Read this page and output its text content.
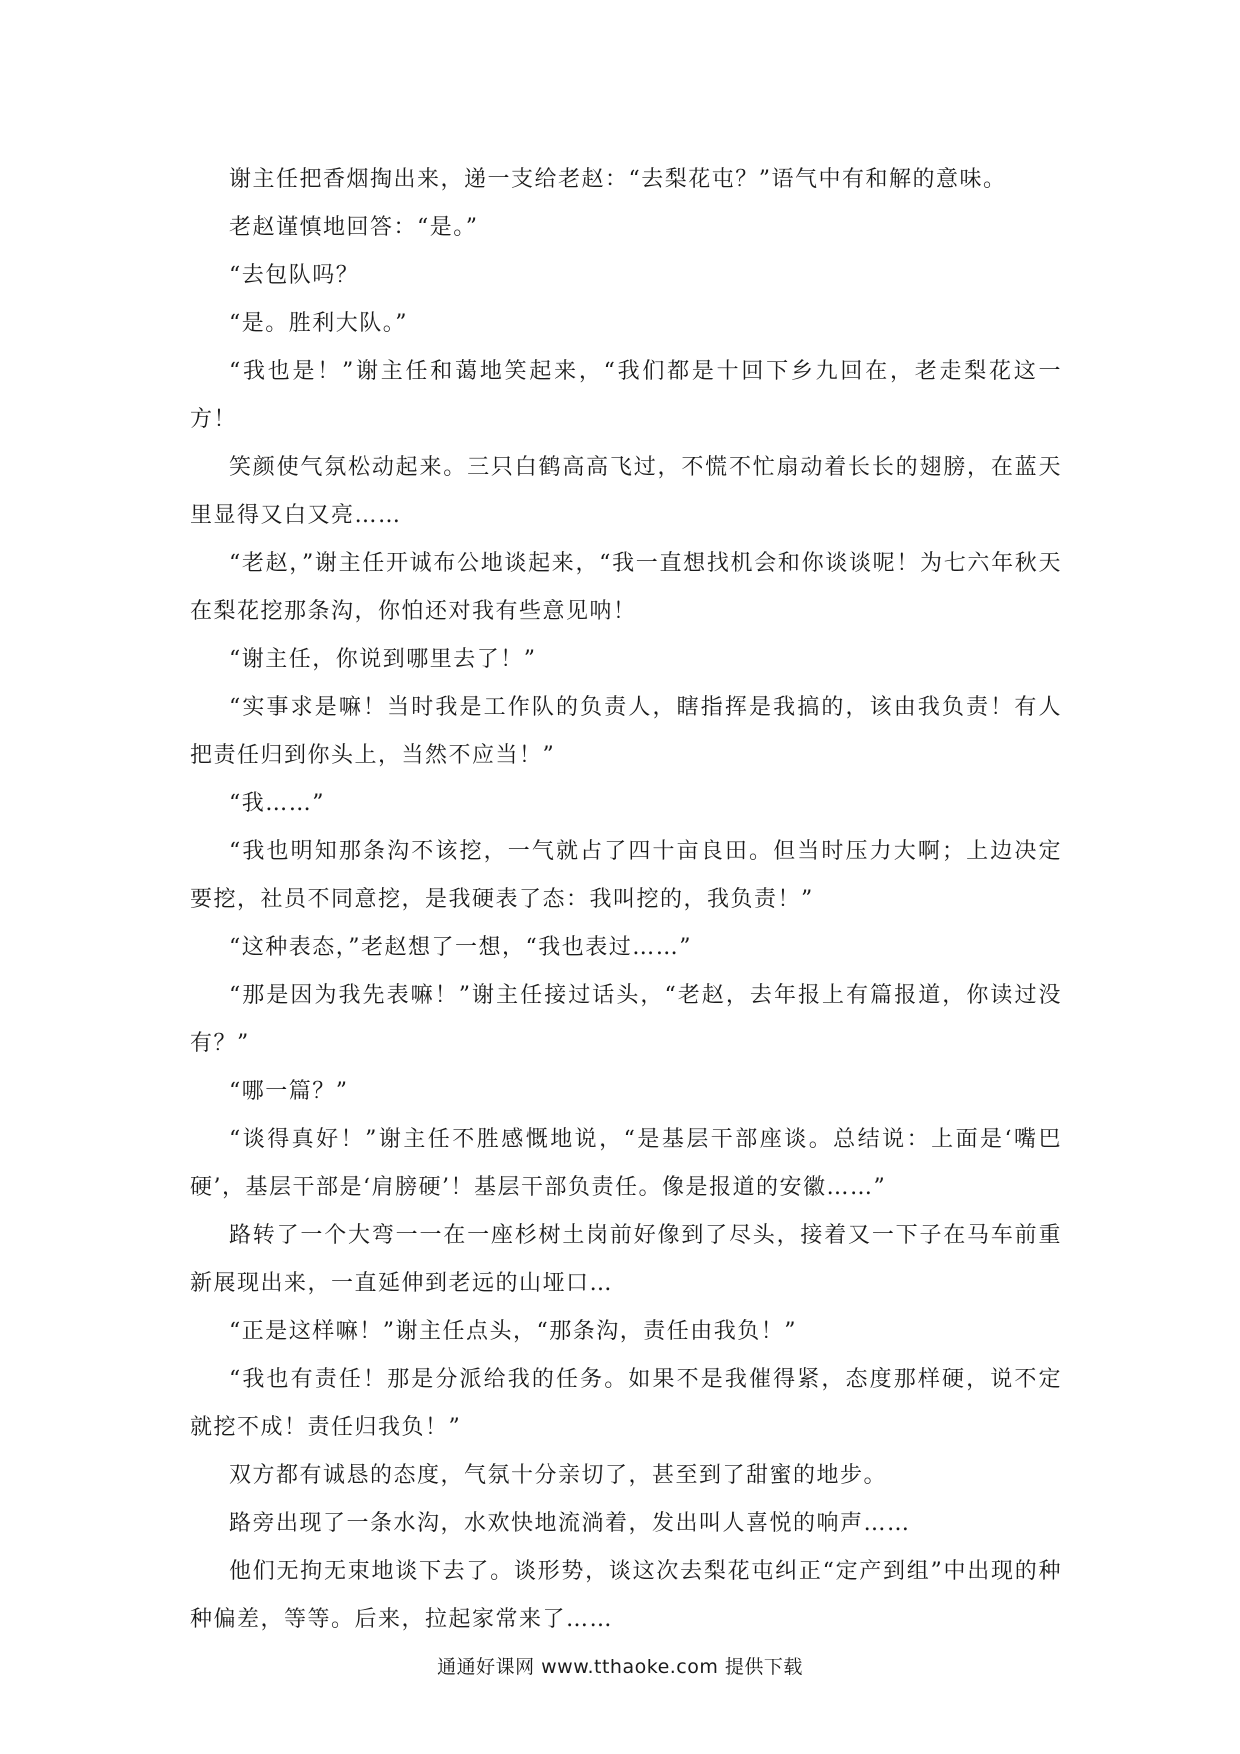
谢主任把香烟掏出来，递一支给老赵：“去梨花屯？”语气中有和解的意味。

老赵谨慎地回答：“是。”

“去包队吗？

“是。胜利大队。”

“我也是！”谢主任和蔼地笑起来，“我们都是十回下乡九回在，老走梨花这一方！

笑颜使气氛松动起来。三只白鹤高高飞过，不慌不忙扇动着长长的翅膀，在蓝天里显得又白又亮……

“老赵，”谢主任开诚布公地谈起来，“我一直想找机会和你谈谈呢！为七六年秋天在梨花挖那条沟，你怕还对我有些意见呐！

“谢主任，你说到哪里去了！”

“实事求是嘛！当时我是工作队的负责人，瞎指挥是我搞的，该由我负责！有人把责任归到你头上，当然不应当！”

“我……”

“我也明知那条沟不该挖，一气就占了四十亩良田。但当时压力大啊；上边决定要挖，社员不同意挖，是我硬表了态：我叫挖的，我负责！”

“这种表态，”老赵想了一想，“我也表过……”

“那是因为我先表嘛！”谢主任接过话头，“老赵，去年报上有篇报道，你读过没有？”

“哪一篇？”

“谈得真好！”谢主任不胜感慨地说，“是基层干部座谈。总结说：上面是‘嘴巴硬’，基层干部是‘肩膀硬’！基层干部负责任。像是报道的安徽……”

路转了一个大弯一一在一座杉树土岗前好像到了尽头，接着又一下子在马车前重新展现出来，一直延伸到老远的山垭口…

“正是这样嘛！”谢主任点头，“那条沟，责任由我负！”

“我也有责任！那是分派给我的任务。如果不是我催得紧，态度那样硬，说不定就挖不成！责任归我负！”

双方都有诚恳的态度，气氛十分亲切了，甚至到了甜蜜的地步。

路旁出现了一条水沟，水欢快地流淌着，发出叫人喜悦的响声……

他们无拘无束地谈下去了。谈形势，谈这次去梨花屯纠正“定产到组”中出现的种种偏差，等等。后来，拉起家常来了……

通通好课网 www.tthaoke.com 提供下载
